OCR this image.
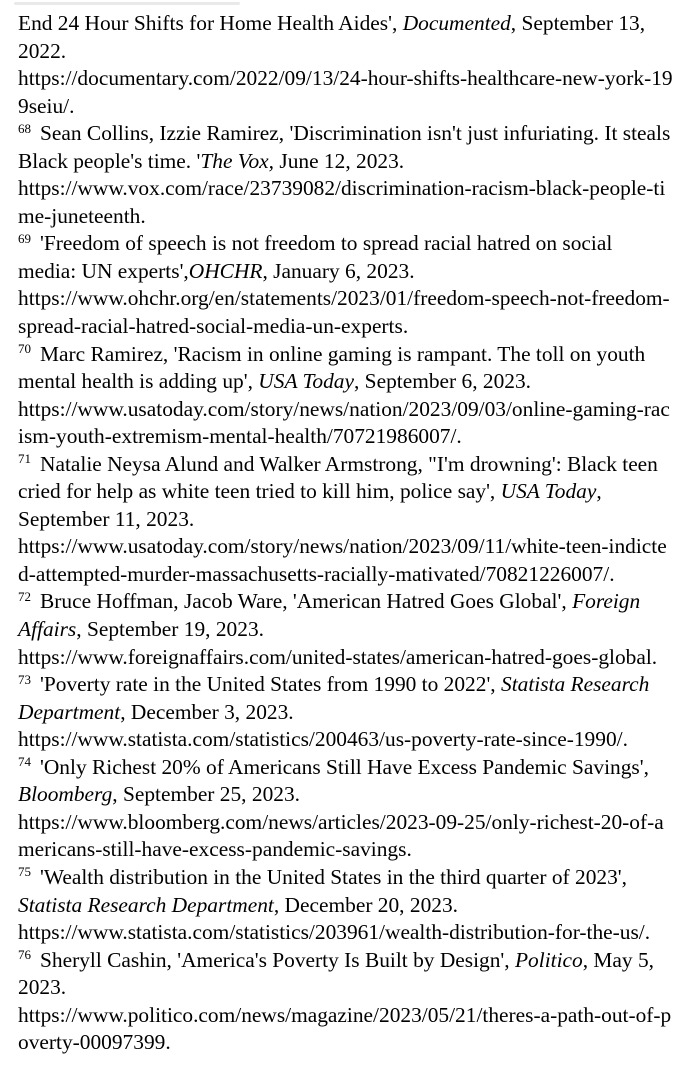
End 24 Hour Shifts for Home Health Aides', Documented, September 13, 2022.
https://documentary.com/2022/09/13/24-hour-shifts-healthcare-new-york-199seiu/.

$^{68}$ Sean Collins, Izzie Ramirez, 'Discrimination isn't just infuriating. It steals Black people's time. 'The Vox, June 12, 2023.
https://www.vox.com/race/23739082/discrimination-racism-black-people-time-juneteenth.

$^{69}$ 'Freedom of speech is not freedom to spread racial hatred on social media: UN experts',OHCHR, January 6, 2023.
https://www.ohchr.org/en/statements/2023/01/freedom-speech-not-freedom-spread-racial-hatred-social-media-un-experts.

$^{70}$ Marc Ramirez, 'Racism in online gaming is rampant. The toll on youth mental health is adding up', USA Today, September 6, 2023.
https://www.usatoday.com/story/news/nation/2023/09/03/online-gaming-racism-youth-extremism-mental-health/70721986007/.

$^{71}$ Natalie Neysa Alund and Walker Armstrong, "I'm drowning': Black teen cried for help as white teen tried to kill him, police say', USA Today, September 11, 2023.
https://www.usatoday.com/story/news/nation/2023/09/11/white-teen-indicted-attempted-murder-massachusetts-racially-mativated/70821226007/.

$^{72}$ Bruce Hoffman, Jacob Ware, 'American Hatred Goes Global', Foreign Affairs, September 19, 2023.
https://www.foreignaffairs.com/united-states/american-hatred-goes-global.

$^{73}$ 'Poverty rate in the United States from 1990 to 2022', Statista Research Department, December 3, 2023.
https://www.statista.com/statistics/200463/us-poverty-rate-since-1990/.

$^{74}$ 'Only Richest 20% of Americans Still Have Excess Pandemic Savings', Bloomberg, September 25, 2023.
https://www.bloomberg.com/news/articles/2023-09-25/only-richest-20-of-americans-still-have-excess-pandemic-savings.

$^{75}$ 'Wealth distribution in the United States in the third quarter of 2023', Statista Research Department, December 20, 2023.
https://www.statista.com/statistics/203961/wealth-distribution-for-the-us/.

$^{76}$ Sheryll Cashin, 'America's Poverty Is Built by Design', Politico, May 5, 2023.
https://www.politico.com/news/magazine/2023/05/21/theres-a-path-out-of-poverty-00097399.
